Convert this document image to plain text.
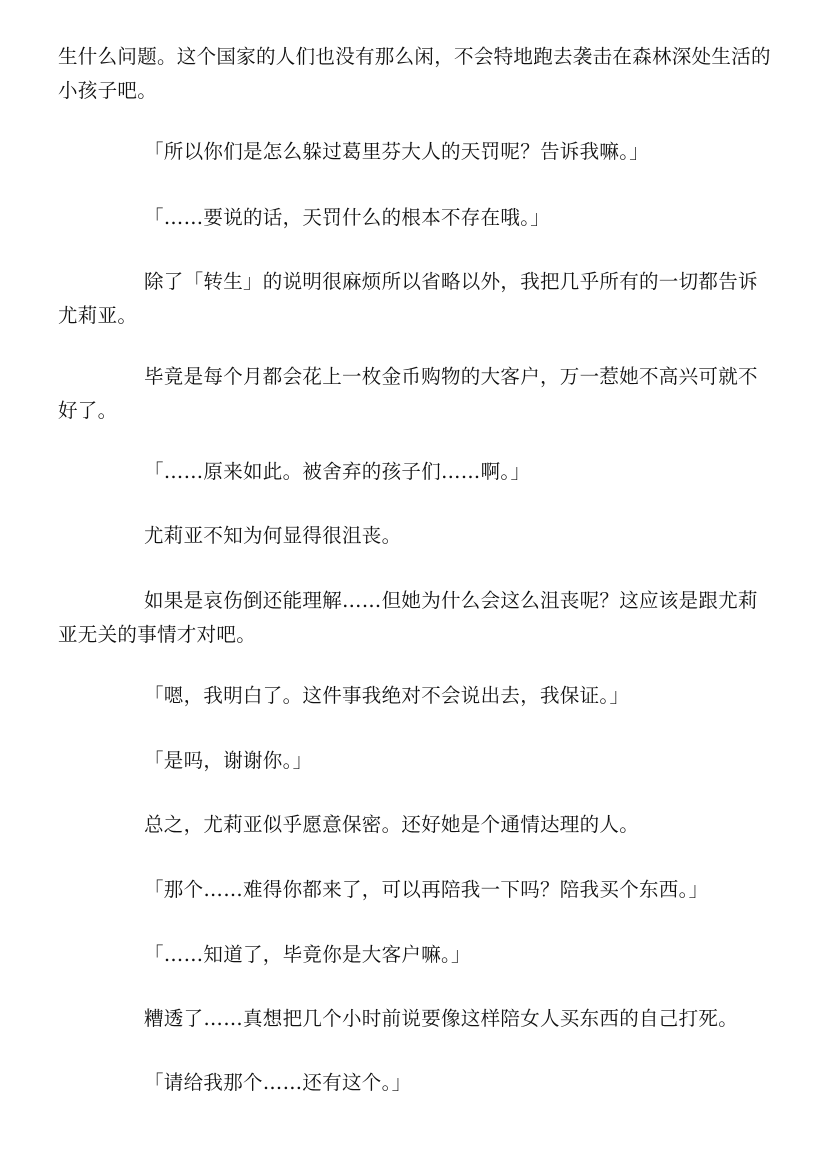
生什么问题。这个国家的人们也没有那么闲，不会特地跑去袭击在森林深处生活的小孩子吧。

「所以你们是怎么躲过葛里芬大人的天罚呢？告诉我嘛。」

「……要说的话，天罚什么的根本不存在哦。」

除了「转生」的说明很麻烦所以省略以外，我把几乎所有的一切都告诉尤莉亚。

毕竟是每个月都会花上一枚金币购物的大客户，万一惹她不高兴可就不好了。

「……原来如此。被舍弃的孩子们……啊。」

尤莉亚不知为何显得很沮丧。

如果是哀伤倒还能理解……但她为什么会这么沮丧呢？这应该是跟尤莉亚无关的事情才对吧。

「嗯，我明白了。这件事我绝对不会说出去，我保证。」

「是吗，谢谢你。」

总之，尤莉亚似乎愿意保密。还好她是个通情达理的人。

「那个……难得你都来了，可以再陪我一下吗？陪我买个东西。」

「……知道了，毕竟你是大客户嘛。」

糟透了……真想把几个小时前说要像这样陪女人买东西的自己打死。

「请给我那个……还有这个。」
